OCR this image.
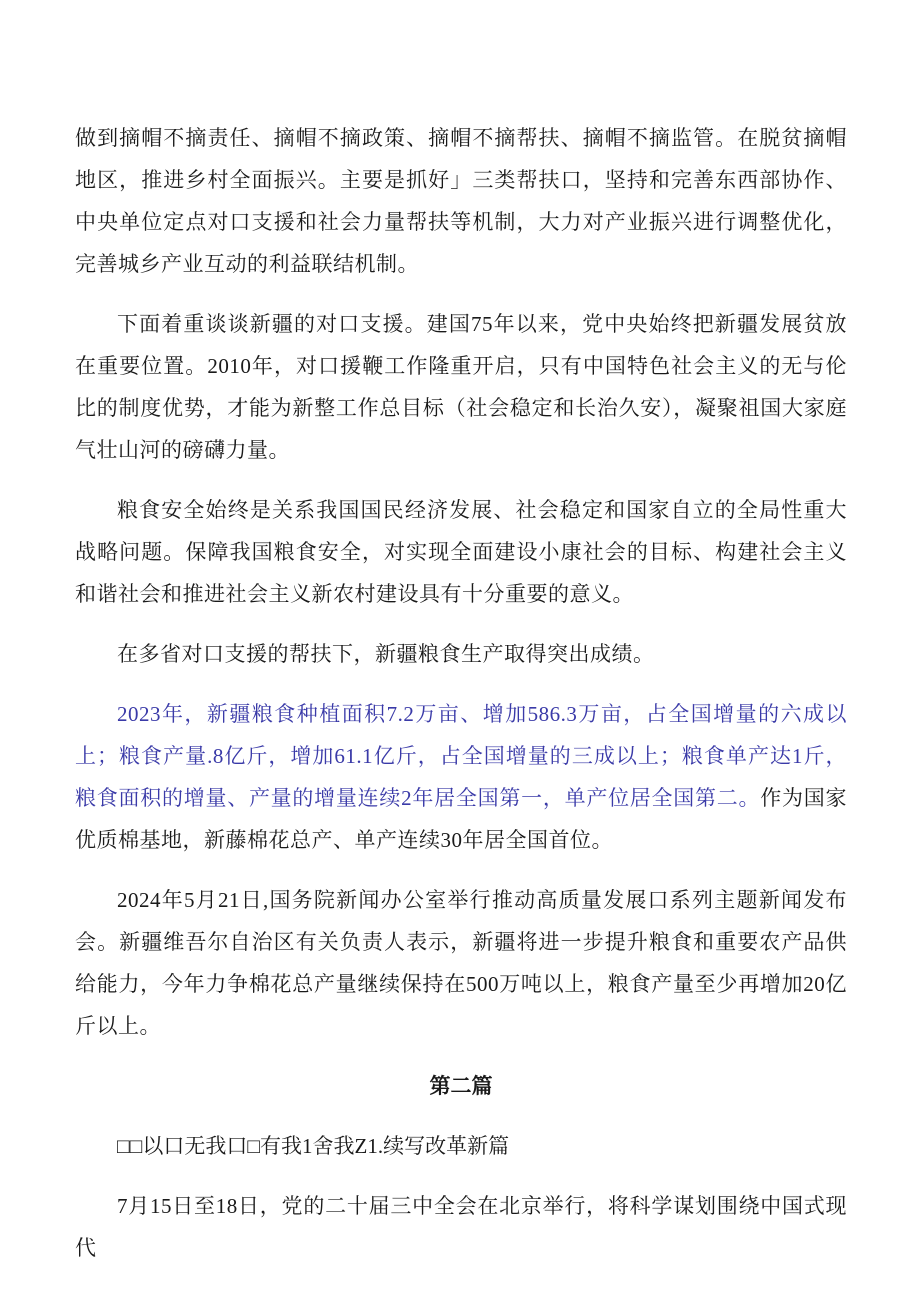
做到摘帽不摘责任、摘帽不摘政策、摘帽不摘帮扶、摘帽不摘监管。在脱贫摘帽地区，推进乡村全面振兴。主要是抓好」三类帮扶口，坚持和完善东西部协作、中央单位定点对口支援和社会力量帮扶等机制，大力对产业振兴进行调整优化，完善城乡产业互动的利益联结机制。

下面着重谈谈新疆的对口支援。建国75年以来，党中央始终把新疆发展贫放在重要位置。2010年，对口援鞭工作隆重开启，只有中国特色社会主义的无与伦比的制度优势，才能为新整工作总目标（社会稳定和长治久安），凝聚祖国大家庭气壮山河的磅礴力量。

粮食安全始终是关系我国国民经济发展、社会稳定和国家自立的全局性重大战略问题。保障我国粮食安全，对实现全面建设小康社会的目标、构建社会主义和谐社会和推进社会主义新农村建设具有十分重要的意义。

在多省对口支援的帮扶下，新疆粮食生产取得突出成绩。

2023年，新疆粮食种植面积7.2万亩、增加586.3万亩，占全国增量的六成以上；粮食产量.8亿斤，增加61.1亿斤，占全国增量的三成以上；粮食单产达1斤，粮食面积的增量、产量的增量连续2年居全国第一，单产位居全国第二。作为国家优质棉基地，新藤棉花总产、单产连续30年居全国首位。

2024年5月21日,国务院新闻办公室举行推动高质量发展口系列主题新闻发布会。新疆维吾尔自治区有关负责人表示，新疆将进一步提升粮食和重要农产品供给能力，今年力争棉花总产量继续保持在500万吨以上，粮食产量至少再增加20亿斤以上。

第二篇

□□以口无我口□有我1舍我Z1.续写改革新篇

7月15日至18日，党的二十届三中全会在北京举行，将科学谋划围绕中国式现代
